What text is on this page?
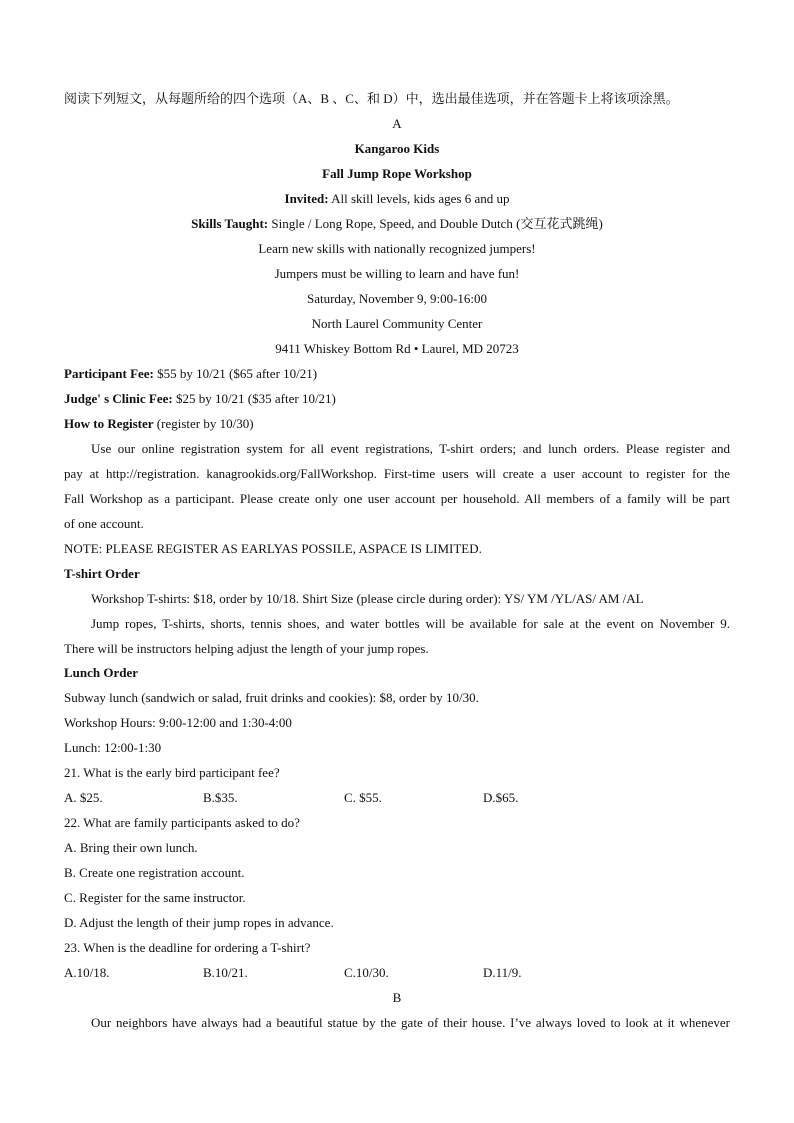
阅读下列短文，从每题所给的四个选项（A、B 、C、和 D）中，选出最佳选项，并在答题卡上将该项涂黑。
A
Kangaroo Kids
Fall Jump Rope Workshop
Invited: All skill levels, kids ages 6 and up
Skills Taught: Single / Long Rope, Speed, and Double Dutch (交互花式跳绳)
Learn new skills with nationally recognized jumpers!
Jumpers must be willing to learn and have fun!
Saturday, November 9, 9:00-16:00
North Laurel Community Center
9411 Whiskey Bottom Rd • Laurel, MD 20723
Participant Fee: $55 by 10/21 ($65 after 10/21)
Judge' s Clinic Fee: $25 by 10/21 ($35 after 10/21)
How to Register (register by 10/30)
Use our online registration system for all event registrations, T-shirt orders; and lunch orders. Please register and
pay at http://registration. kanagrookids.org/FallWorkshop. First-time users will create a user account to register for the
Fall Workshop as a participant. Please create only one user account per household. All members of a family will be part
of one account.
NOTE: PLEASE REGISTER AS EARLYAS POSSILE, ASPACE IS LIMITED.
T-shirt Order
Workshop T-shirts: $18, order by 10/18. Shirt Size (please circle during order): YS/ YM /YL/AS/ AM /AL
Jump ropes, T-shirts, shorts, tennis shoes, and water bottles will be available for sale at the event on November 9.
There will be instructors helping adjust the length of your jump ropes.
Lunch Order
Subway lunch (sandwich or salad, fruit drinks and cookies): $8, order by 10/30.
Workshop Hours: 9:00-12:00 and 1:30-4:00
Lunch: 12:00-1:30
21. What is the early bird participant fee?
A. $25.	B.$35.	C. $55.	D.$65.
22. What are family participants asked to do?
A. Bring their own lunch.
B. Create one registration account.
C. Register for the same instructor.
D. Adjust the length of their jump ropes in advance.
23. When is the deadline for ordering a T-shirt?
A.10/18.	B.10/21.	C.10/30.	D.11/9.
B
Our neighbors have always had a beautiful statue by the gate of their house. I’ve always loved to look at it whenever
